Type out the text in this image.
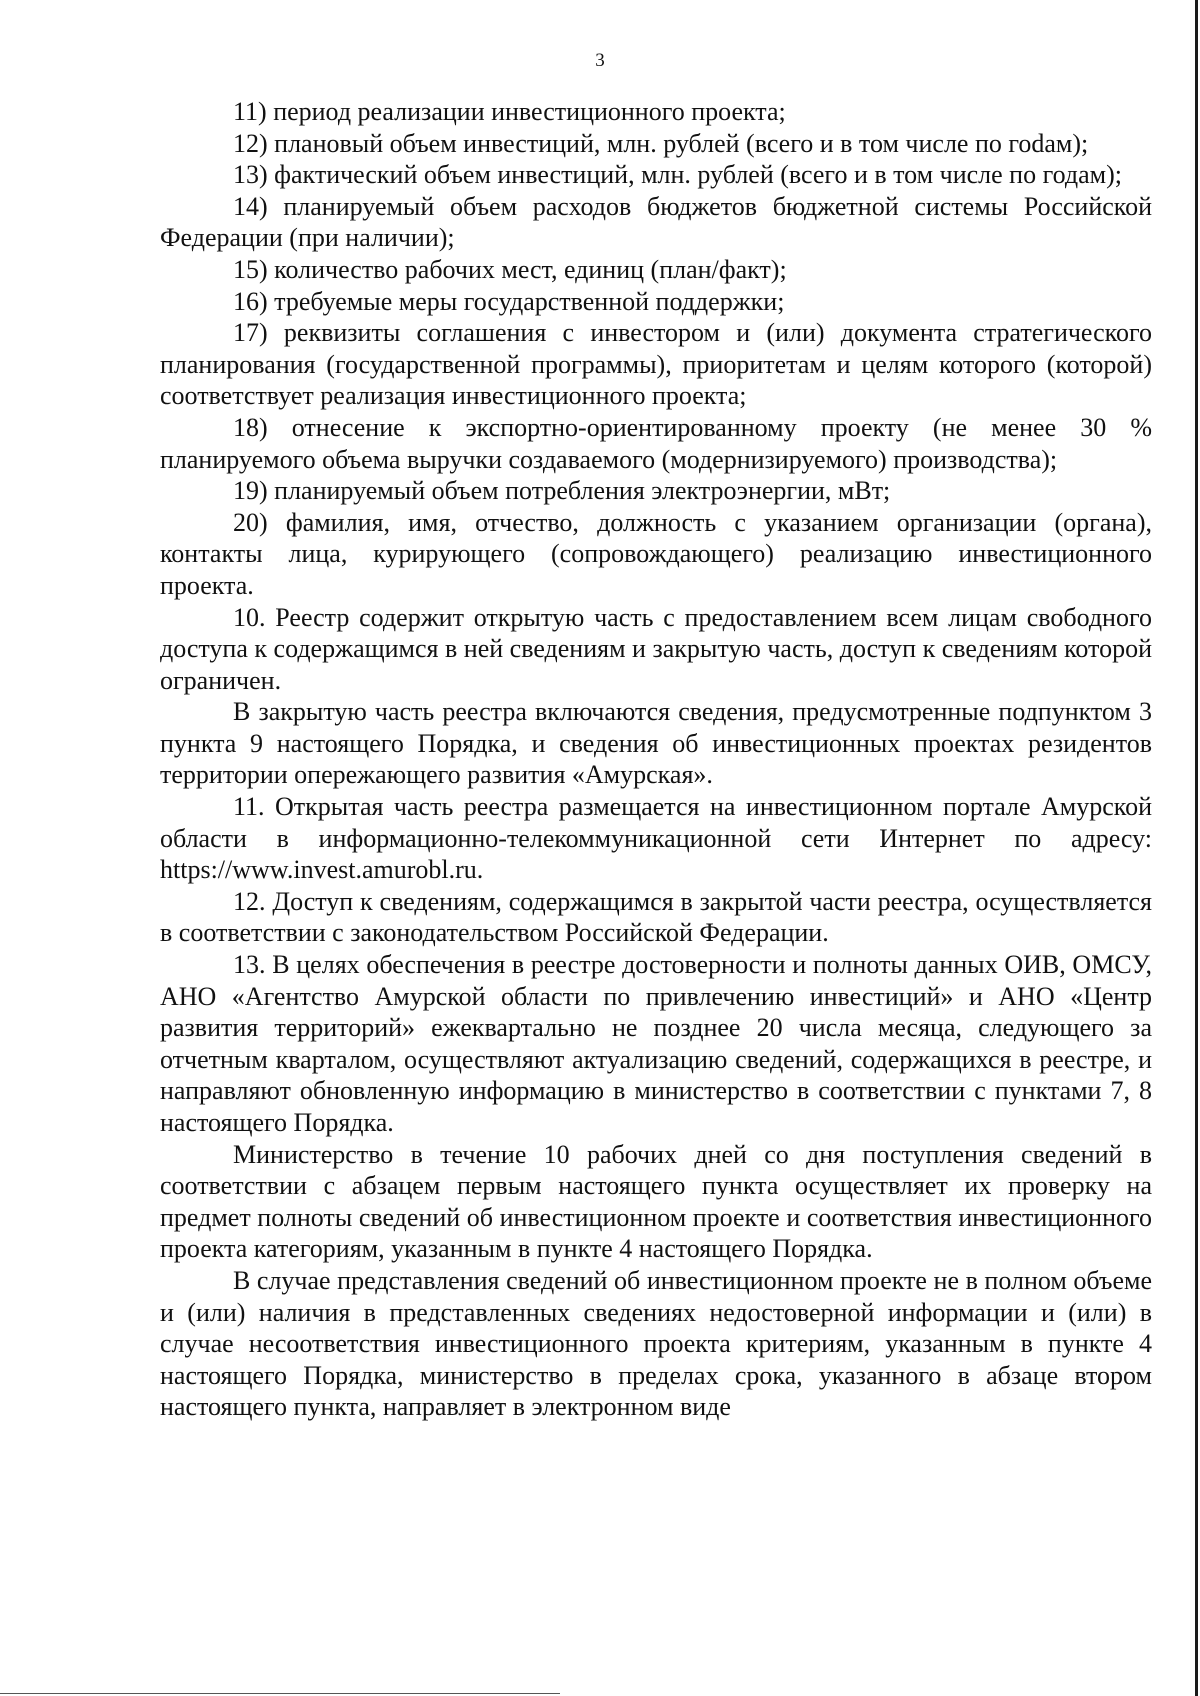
3

11) период реализации инвестиционного проекта;

12) плановый объем инвестиций, млн. рублей (всего и в том числе по гоdам);

13) фактический объем инвестиций, млн. рублей (всего и в том числе по годам);

14) планируемый объем расходов бюджетов бюджетной системы Российской Федерации (при наличии);

15) количество рабочих мест, единиц (план/факт);

16) требуемые меры государственной поддержки;

17) реквизиты соглашения с инвестором и (или) документа стратегического планирования (государственной программы), приоритетам и целям которого (которой) соответствует реализация инвестиционного проекта;

18) отнесение к экспортно-ориентированному проекту (не менее 30 % планируемого объема выручки создаваемого (модернизируемого) производства);

19) планируемый объем потребления электроэнергии, мВт;

20) фамилия, имя, отчество, должность с указанием организации (органа), контакты лица, курирующего (сопровождающего) реализацию инвестиционного проекта.

10. Реестр содержит открытую часть с предоставлением всем лицам свободного доступа к содержащимся в ней сведениям и закрытую часть, доступ к сведениям которой ограничен.

В закрытую часть реестра включаются сведения, предусмотренные подпунктом 3 пункта 9 настоящего Порядка, и сведения об инвестиционных проектах резидентов территории опережающего развития «Амурская».

11. Открытая часть реестра размещается на инвестиционном портале Амурской области в информационно-телекоммуникационной сети Интернет по адресу: https://www.invest.amurobl.ru.

12. Доступ к сведениям, содержащимся в закрытой части реестра, осуществляется в соответствии с законодательством Российской Федерации.

13. В целях обеспечения в реестре достоверности и полноты данных ОИВ, ОМСУ, АНО «Агентство Амурской области по привлечению инвестиций» и АНО «Центр развития территорий» ежеквартально не позднее 20 числа месяца, следующего за отчетным кварталом, осуществляют актуализацию сведений, содержащихся в реестре, и направляют обновленную информацию в министерство в соответствии с пунктами 7, 8 настоящего Порядка.

Министерство в течение 10 рабочих дней со дня поступления сведений в соответствии с абзацем первым настоящего пункта осуществляет их проверку на предмет полноты сведений об инвестиционном проекте и соответствия инвестиционного проекта категориям, указанным в пункте 4 настоящего Порядка.

В случае представления сведений об инвестиционном проекте не в полном объеме и (или) наличия в представленных сведениях недостоверной информации и (или) в случае несоответствия инвестиционного проекта критериям, указанным в пункте 4 настоящего Порядка, министерство в пределах срока, указанного в абзаце втором настоящего пункта, направляет в электронном виде
